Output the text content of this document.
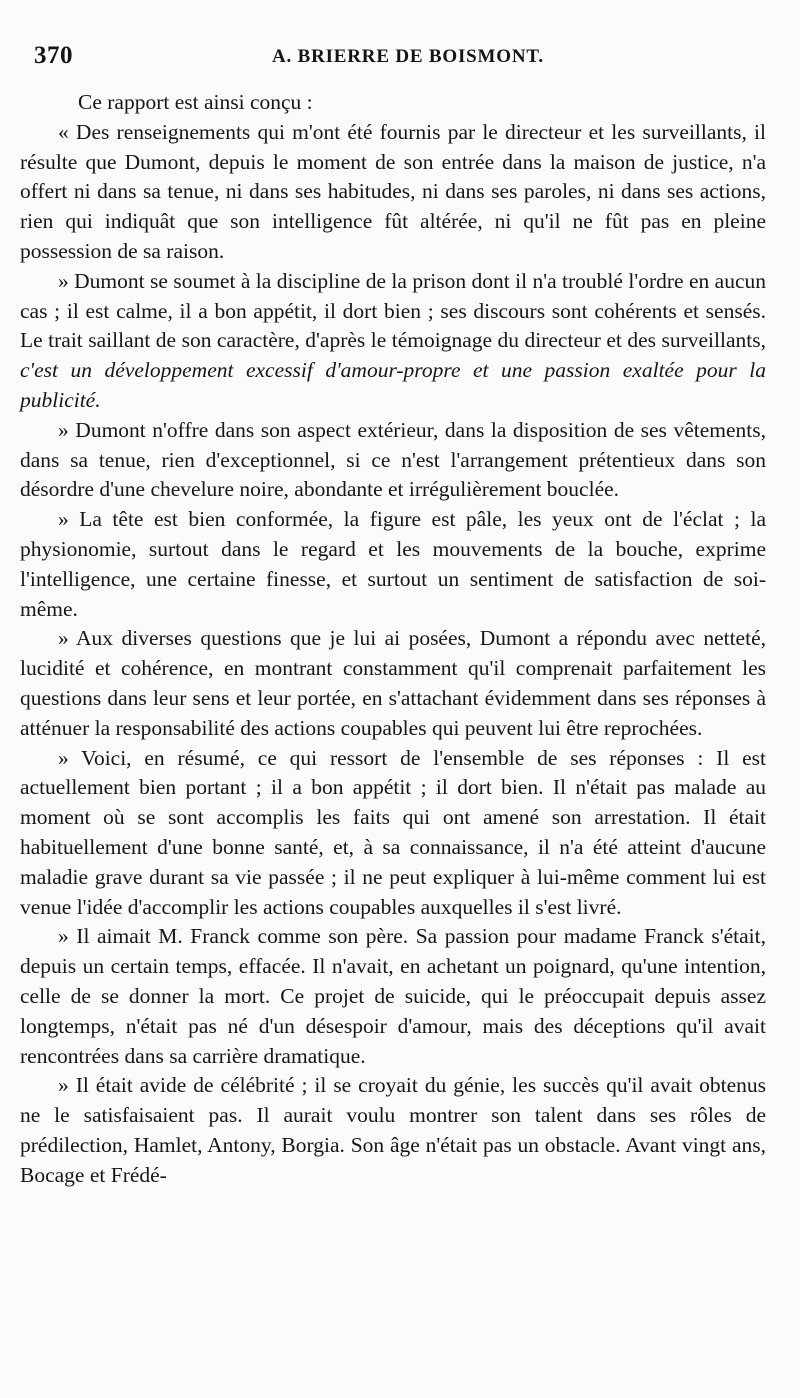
370	A. BRIERRE DE BOISMONT.

Ce rapport est ainsi conçu :

« Des renseignements qui m'ont été fournis par le directeur et les surveillants, il résulte que Dumont, depuis le moment de son entrée dans la maison de justice, n'a offert ni dans sa tenue, ni dans ses habitudes, ni dans ses paroles, ni dans ses actions, rien qui indiquât que son intelligence fût altérée, ni qu'il ne fût pas en pleine possession de sa raison.

» Dumont se soumet à la discipline de la prison dont il n'a troublé l'ordre en aucun cas ; il est calme, il a bon appétit, il dort bien ; ses discours sont cohérents et sensés. Le trait saillant de son caractère, d'après le témoignage du directeur et des surveillants, c'est un développement excessif d'amour-propre et une passion exaltée pour la publicité.

» Dumont n'offre dans son aspect extérieur, dans la disposition de ses vêtements, dans sa tenue, rien d'exceptionnel, si ce n'est l'arrangement prétentieux dans son désordre d'une chevelure noire, abondante et irrégulièrement bouclée.

» La tête est bien conformée, la figure est pâle, les yeux ont de l'éclat ; la physionomie, surtout dans le regard et les mouvements de la bouche, exprime l'intelligence, une certaine finesse, et surtout un sentiment de satisfaction de soi-même.

» Aux diverses questions que je lui ai posées, Dumont a répondu avec netteté, lucidité et cohérence, en montrant constamment qu'il comprenait parfaitement les questions dans leur sens et leur portée, en s'attachant évidemment dans ses réponses à atténuer la responsabilité des actions coupables qui peuvent lui être reprochées.

» Voici, en résumé, ce qui ressort de l'ensemble de ses réponses : Il est actuellement bien portant ; il a bon appétit ; il dort bien. Il n'était pas malade au moment où se sont accomplis les faits qui ont amené son arrestation. Il était habituellement d'une bonne santé, et, à sa connaissance, il n'a été atteint d'aucune maladie grave durant sa vie passée ; il ne peut expliquer à lui-même comment lui est venue l'idée d'accomplir les actions coupables auxquelles il s'est livré.

» Il aimait M. Franck comme son père. Sa passion pour madame Franck s'était, depuis un certain temps, effacée. Il n'avait, en achetant un poignard, qu'une intention, celle de se donner la mort. Ce projet de suicide, qui le préoccupait depuis assez longtemps, n'était pas né d'un désespoir d'amour, mais des déceptions qu'il avait rencontrées dans sa carrière dramatique.

» Il était avide de célébrité ; il se croyait du génie, les succès qu'il avait obtenus ne le satisfaisaient pas. Il aurait voulu montrer son talent dans ses rôles de prédilection, Hamlet, Antony, Borgia. Son âge n'était pas un obstacle. Avant vingt ans, Bocage et Frédé-
